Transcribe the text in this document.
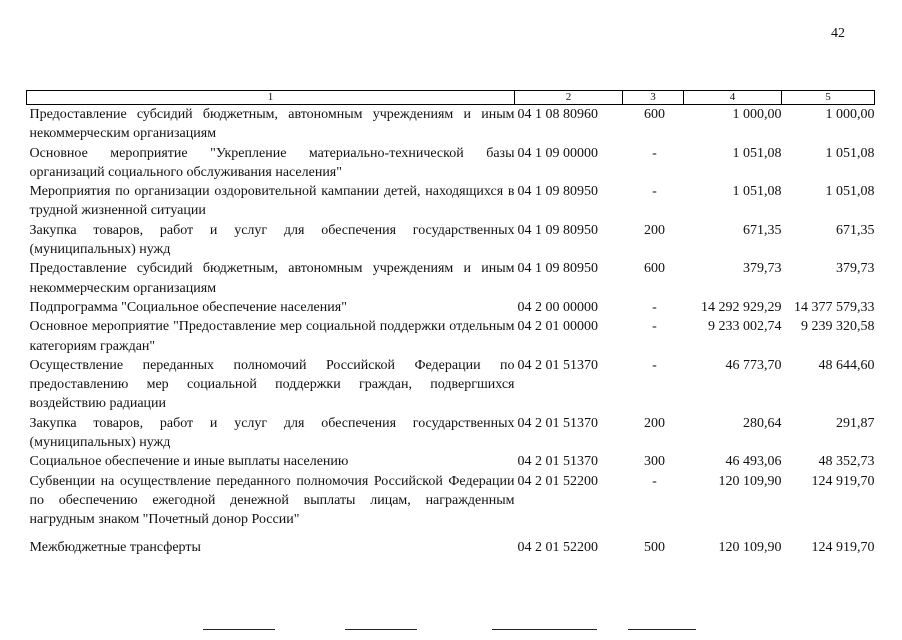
42
1	2	3	4	5
Предоставление субсидий бюджетным, автономным учреждениям и иным некоммерческим организациям	04 1 08 80960	600	1 000,00	1 000,00
Основное мероприятие "Укрепление материально-технической базы организаций социального обслуживания населения"	04 1 09 00000	-	1 051,08	1 051,08
Мероприятия по организации оздоровительной кампании детей, находящихся в трудной жизненной ситуации	04 1 09 80950	-	1 051,08	1 051,08
Закупка товаров, работ и услуг для обеспечения государственных (муниципальных) нужд	04 1 09 80950	200	671,35	671,35
Предоставление субсидий бюджетным, автономным учреждениям и иным некоммерческим организациям	04 1 09 80950	600	379,73	379,73
Подпрограмма "Социальное обеспечение населения"	04 2 00 00000	-	14 292 929,29	14 377 579,33
Основное мероприятие "Предоставление мер социальной поддержки отдельным категориям граждан"	04 2 01 00000	-	9 233 002,74	9 239 320,58
Осуществление переданных полномочий Российской Федерации по предоставлению мер социальной поддержки граждан, подвергшихся воздействию радиации	04 2 01 51370	-	46 773,70	48 644,60
Закупка товаров, работ и услуг для обеспечения государственных (муниципальных) нужд	04 2 01 51370	200	280,64	291,87
Социальное обеспечение и иные выплаты населению	04 2 01 51370	300	46 493,06	48 352,73
Субвенции на осуществление переданного полномочия Российской Федерации по обеспечению ежегодной денежной выплаты лицам, награжденным нагрудным знаком "Почетный донор России"	04 2 01 52200	-	120 109,90	124 919,70
Межбюджетные трансферты	04 2 01 52200	500	120 109,90	124 919,70
